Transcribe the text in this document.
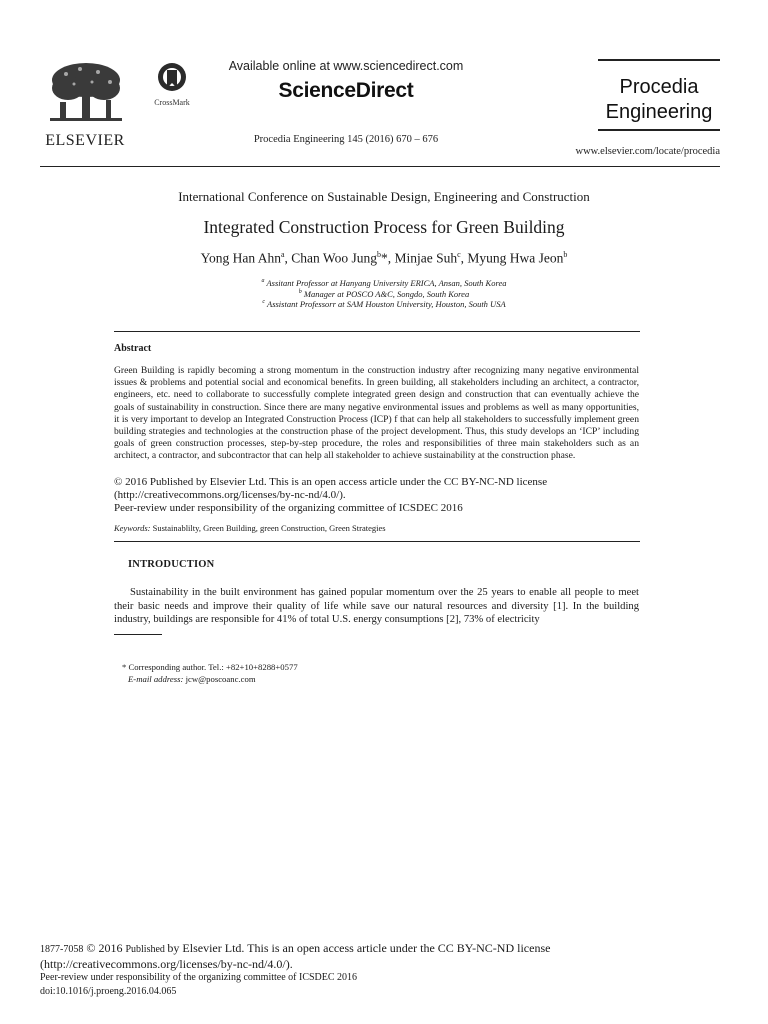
ELSEVIER
CrossMark
Available online at www.sciencedirect.com
ScienceDirect
Procedia Engineering 145 (2016) 670 – 676
Procedia
Engineering
www.elsevier.com/locate/procedia
International Conference on Sustainable Design, Engineering and Construction
Integrated Construction Process for Green Building
Yong Han Ahn$^a$, Chan Woo Jung$^b$*, Minjae Suh$^c$, Myung Hwa Jeon$^b$
$^a$ Assitant Professor at Hanyang University ERICA, Ansan, South Korea
$^b$ Manager at POSCO A&C, Songdo, South Korea
$^c$ Assistant Professorr at SAM Houston University, Houston, South USA
Abstract
Green Building is rapidly becoming a strong momentum in the construction industry after recognizing many negative environmental issues & problems and potential social and economical benefits. In green building, all stakeholders including an architect, a contractor, engineers, etc. need to collaborate to successfully complete integrated green design and construction that can eventually achieve the goals of sustainability in construction. Since there are many negative environmental issues and problems as well as many opportunities, it is very important to develop an Integrated Construction Process (ICP) f that can help all stakeholders to successfully implement green building strategies and technologies at the construction phase of the project development. Thus, this study develops an ‘ICP’ including goals of green construction processes, step-by-step procedure, the roles and responsibilities of three main stakeholders such as an architect, a contractor, and subcontractor that can help all stakeholder to achieve sustainability at the construction phase.
© 2016 Published by Elsevier Ltd. This is an open access article under the CC BY-NC-ND license
(http://creativecommons.org/licenses/by-nc-nd/4.0/).
Peer-review under responsibility of the organizing committee of ICSDEC 2016
Keywords: Sustainablilty, Green Building, green Construction, Green Strategies
INTRODUCTION
Sustainability in the built environment has gained popular momentum over the 25 years to enable all people to meet their basic needs and improve their quality of life while save our natural resources and diversity [1]. In the building industry, buildings are responsible for 41% of total U.S. energy consumptions [2], 73% of electricity
* Corresponding author. Tel.: +82+10+8288+0577
E-mail address: jcw@poscoanc.com
1877-7058 © 2016 Published by Elsevier Ltd. This is an open access article under the CC BY-NC-ND license
(http://creativecommons.org/licenses/by-nc-nd/4.0/).
Peer-review under responsibility of the organizing committee of ICSDEC 2016
doi:10.1016/j.proeng.2016.04.065
